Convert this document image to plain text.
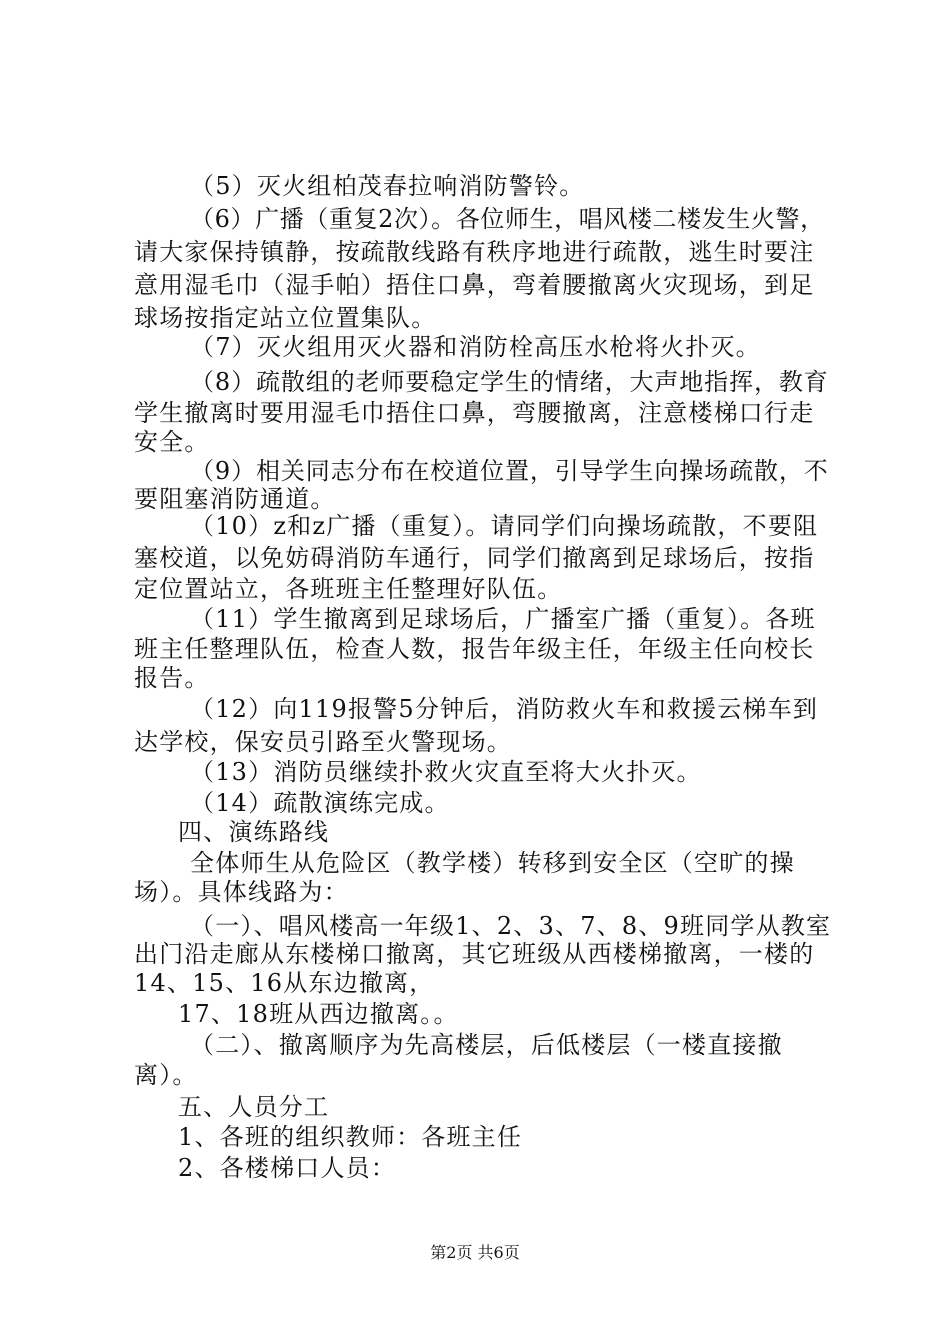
（5）灭火组柏茂春拉响消防警铃。
（6）广播（重复2次）。各位师生，唱风楼二楼发生火警，
请大家保持镇静，按疏散线路有秩序地进行疏散，逃生时要注
意用湿毛巾（湿手帕）捂住口鼻，弯着腰撤离火灾现场，到足
球场按指定站立位置集队。
（7）灭火组用灭火器和消防栓高压水枪将火扑灭。
（8）疏散组的老师要稳定学生的情绪，大声地指挥，教育
学生撤离时要用湿毛巾捂住口鼻，弯腰撤离，注意楼梯口行走
安全。
（9）相关同志分布在校道位置，引导学生向操场疏散，不
要阻塞消防通道。
（10）z和z广播（重复）。请同学们向操场疏散，不要阻
塞校道，以免妨碍消防车通行，同学们撤离到足球场后，按指
定位置站立，各班班主任整理好队伍。
（11）学生撤离到足球场后，广播室广播（重复）。各班
班主任整理队伍，检查人数，报告年级主任，年级主任向校长
报告。
（12）向119报警5分钟后，消防救火车和救援云梯车到
达学校，保安员引路至火警现场。
（13）消防员继续扑救火灾直至将大火扑灭。
（14）疏散演练完成。
四、演练路线
全体师生从危险区（教学楼）转移到安全区（空旷的操
场）。具体线路为：
（一）、唱风楼高一年级1、2、3、7、8、9班同学从教室
出门沿走廊从东楼梯口撤离，其它班级从西楼梯撤离，一楼的
14、15、16从东边撤离，
17、18班从西边撤离。。
（二）、撤离顺序为先高楼层，后低楼层（一楼直接撤
离）。
五、人员分工
1、各班的组织教师：各班主任
2、各楼梯口人员：
第2页 共6页
